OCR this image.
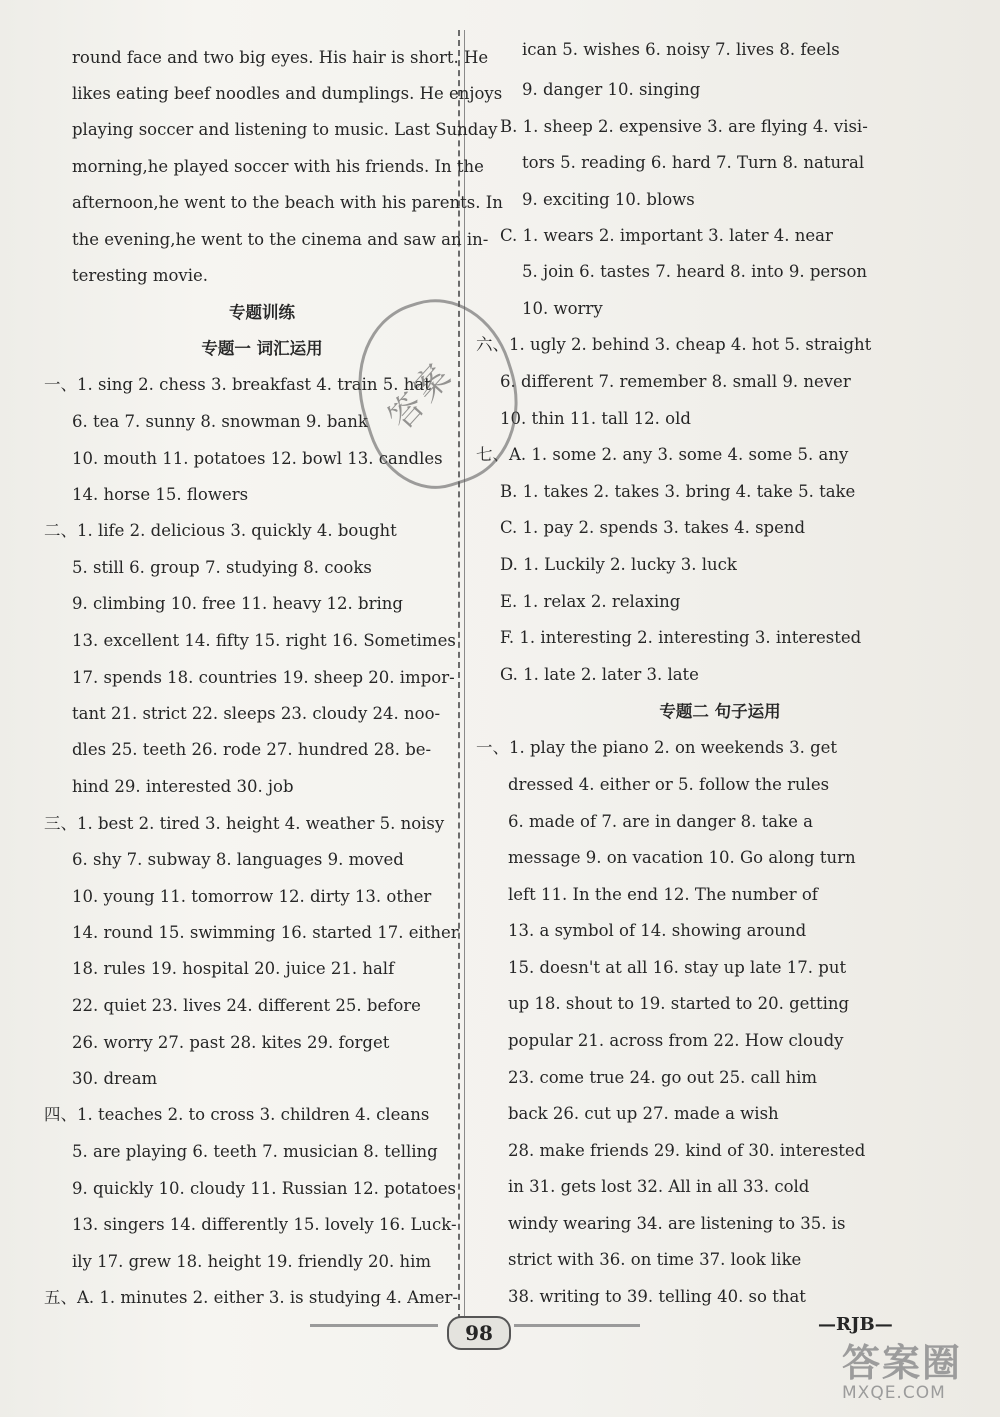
round face and two big eyes. His hair is short. He
likes eating beef noodles and dumplings. He enjoys
playing soccer and listening to music. Last Sunday
morning,he played soccer with his friends. In the
afternoon,he went to the beach with his parents. In
the evening,he went to the cinema and saw an in-
teresting movie.
专题训练
专题一 词汇运用
一、1. sing 2. chess 3. breakfast 4. train 5. hat
6. tea 7. sunny 8. snowman 9. bank
10. mouth 11. potatoes 12. bowl 13. candles
14. horse 15. flowers
二、1. life 2. delicious 3. quickly 4. bought
5. still 6. group 7. studying 8. cooks
9. climbing 10. free 11. heavy 12. bring
13. excellent 14. fifty 15. right 16. Sometimes
17. spends 18. countries 19. sheep 20. impor-
tant 21. strict 22. sleeps 23. cloudy 24. noo-
dles 25. teeth 26. rode 27. hundred 28. be-
hind 29. interested 30. job
三、1. best 2. tired 3. height 4. weather 5. noisy
6. shy 7. subway 8. languages 9. moved
10. young 11. tomorrow 12. dirty 13. other
14. round 15. swimming 16. started 17. either
18. rules 19. hospital 20. juice 21. half
22. quiet 23. lives 24. different 25. before
26. worry 27. past 28. kites 29. forget
30. dream
四、1. teaches 2. to cross 3. children 4. cleans
5. are playing 6. teeth 7. musician 8. telling
9. quickly 10. cloudy 11. Russian 12. potatoes
13. singers 14. differently 15. lovely 16. Luck-
ily 17. grew 18. height 19. friendly 20. him
五、A. 1. minutes 2. either 3. is studying 4. Amer-
ican 5. wishes 6. noisy 7. lives 8. feels
9. danger 10. singing
B. 1. sheep 2. expensive 3. are flying 4. visi-
tors 5. reading 6. hard 7. Turn 8. natural
9. exciting 10. blows
C. 1. wears 2. important 3. later 4. near
5. join 6. tastes 7. heard 8. into 9. person
10. worry
六、1. ugly 2. behind 3. cheap 4. hot 5. straight
6. different 7. remember 8. small 9. never
10. thin 11. tall 12. old
七、A. 1. some 2. any 3. some 4. some 5. any
B. 1. takes 2. takes 3. bring 4. take 5. take
C. 1. pay 2. spends 3. takes 4. spend
D. 1. Luckily 2. lucky 3. luck
E. 1. relax 2. relaxing
F. 1. interesting 2. interesting 3. interested
G. 1. late 2. later 3. late
专题二 句子运用
一、1. play the piano 2. on weekends 3. get
dressed 4. either or 5. follow the rules
6. made of 7. are in danger 8. take a
message 9. on vacation 10. Go along turn
left 11. In the end 12. The number of
13. a symbol of 14. showing around
15. doesn't at all 16. stay up late 17. put
up 18. shout to 19. started to 20. getting
popular 21. across from 22. How cloudy
23. come true 24. go out 25. call him
back 26. cut up 27. made a wish
28. make friends 29. kind of 30. interested
in 31. gets lost 32. All in all 33. cold
windy wearing 34. are listening to 35. is
strict with 36. on time 37. look like
38. writing to 39. telling 40. so that
答案
98	—RJB—
答案圈
MXQE.COM
